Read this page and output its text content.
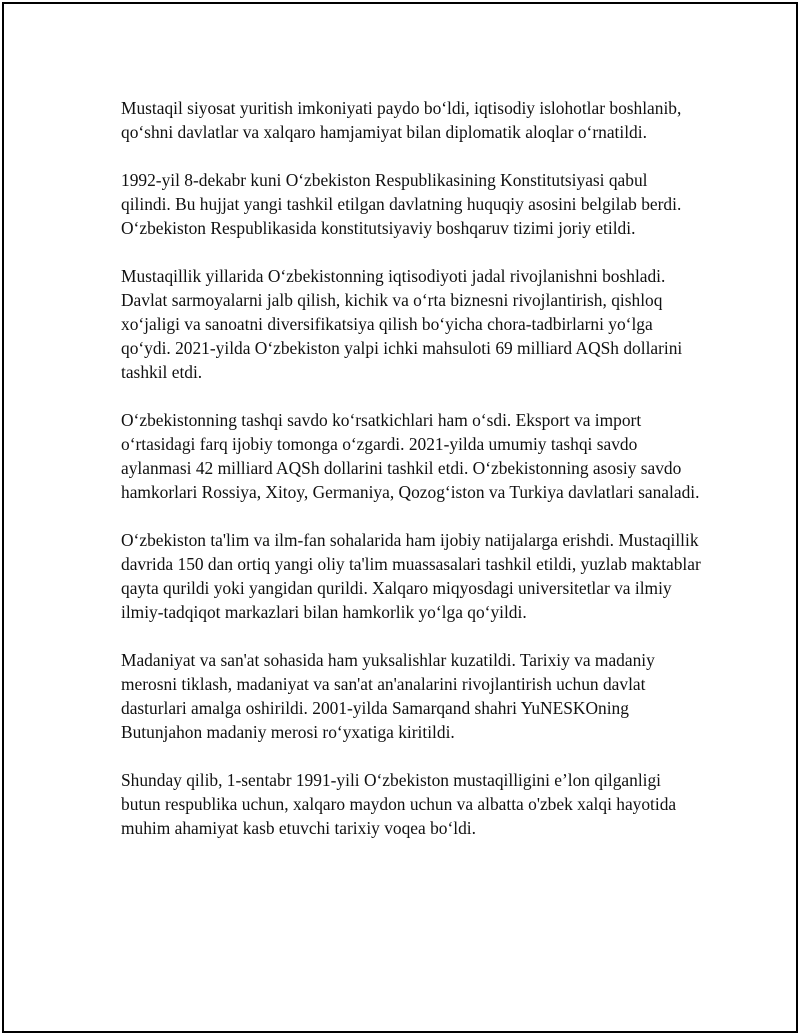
Mustaqil siyosat yuritish imkoniyati paydo bo‘ldi, iqtisodiy islohotlar boshlanib, qo‘shni davlatlar va xalqaro hamjamiyat bilan diplomatik aloqlar o‘rnatildi.

1992-yil 8-dekabr kuni O‘zbekiston Respublikasining Konstitutsiyasi qabul qilindi. Bu hujjat yangi tashkil etilgan davlatning huquqiy asosini belgilab berdi. O‘zbekiston Respublikasida konstitutsiyaviy boshqaruv tizimi joriy etildi.

Mustaqillik yillarida O‘zbekistonning iqtisodiyoti jadal rivojlanishni boshladi. Davlat sarmoyalarni jalb qilish, kichik va o‘rta biznesni rivojlantirish, qishloq xo‘jaligi va sanoatni diversifikatsiya qilish bo‘yicha chora-tadbirlarni yo‘lga qo‘ydi. 2021-yilda O‘zbekiston yalpi ichki mahsuloti 69 milliard AQSh dollarini tashkil etdi.

O‘zbekistonning tashqi savdo ko‘rsatkichlari ham o‘sdi. Eksport va import o‘rtasidagi farq ijobiy tomonga o‘zgardi. 2021-yilda umumiy tashqi savdo aylanmasi 42 milliard AQSh dollarini tashkil etdi. O‘zbekistonning asosiy savdo hamkorlari Rossiya, Xitoy, Germaniya, Qozog‘iston va Turkiya davlatlari sanaladi.

O‘zbekiston ta'lim va ilm-fan sohalarida ham ijobiy natijalarga erishdi. Mustaqillik davrida 150 dan ortiq yangi oliy ta'lim muassasalari tashkil etildi, yuzlab maktablar qayta qurildi yoki yangidan qurildi. Xalqaro miqyosdagi universitetlar va ilmiy ilmiy-tadqiqot markazlari bilan hamkorlik yo‘lga qo‘yildi.

Madaniyat va san'at sohasida ham yuksalishlar kuzatildi. Tarixiy va madaniy merosni tiklash, madaniyat va san'at an'analarini rivojlantirish uchun davlat dasturlari amalga oshirildi. 2001-yilda Samarqand shahri YuNESKOning Butunjahon madaniy merosi ro‘yxatiga kiritildi.

Shunday qilib, 1-sentabr 1991-yili O‘zbekiston mustaqilligini e’lon qilganligi butun respublika uchun, xalqaro maydon uchun va albatta o'zbek xalqi hayotida muhim ahamiyat kasb etuvchi tarixiy voqea bo‘ldi.
